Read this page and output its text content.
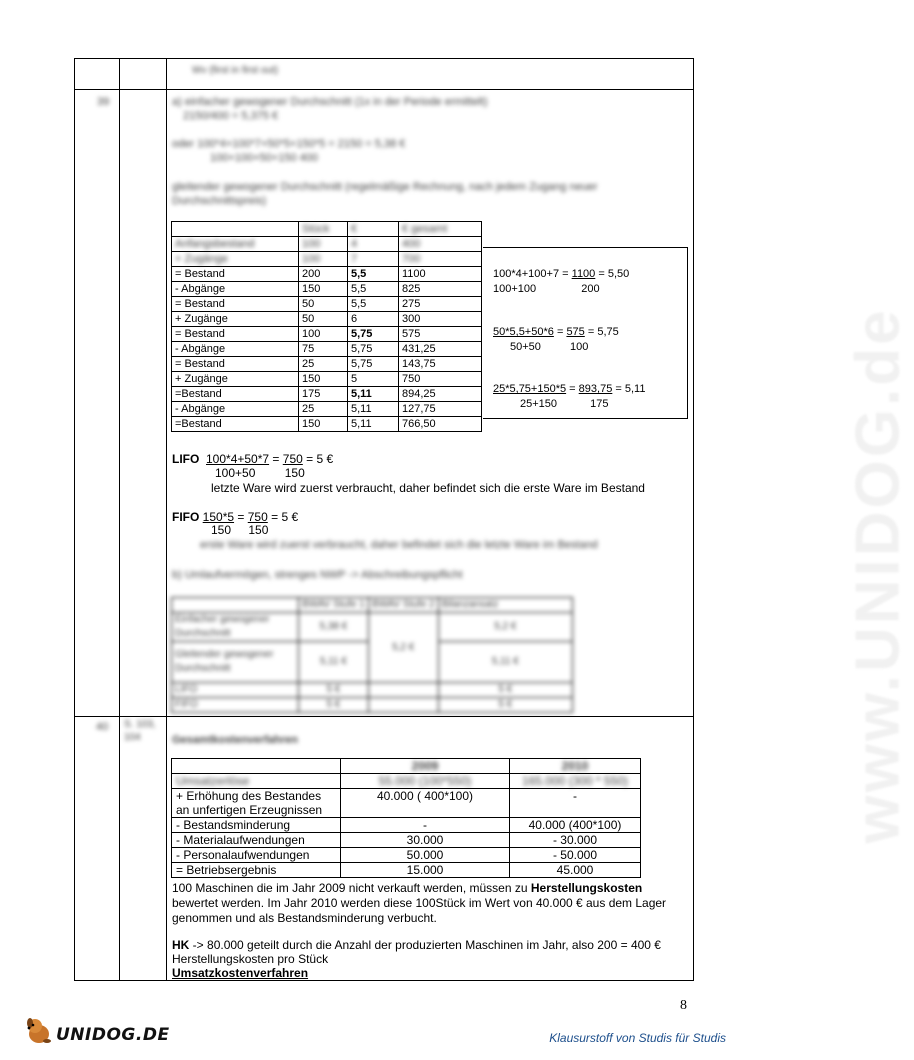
www.UNIDOG.de
Wv (first in first out)
39	a) einfacher gewogener Durchschnitt (1x in der Periode ermittelt)
2150/400 = 5,375 €
oder 100*4+100*7+50*5+150*5 = 2150 = 5,38 €
100+100+50+150 400
gleitender gewogener Durchschnitt (regelmäßige Rechnung, nach jedem Zugang neuer Durchschnittspreis)
	Stück	€	€ gesamt
Anfangsbestand	100	4	400
+ Zugänge	100	7	700
= Bestand	200	5,5	1100
- Abgänge	150	5,5	825
= Bestand	50	5,5	275
+ Zugänge	50	6	300
= Bestand	100	5,75	575
- Abgänge	75	5,75	431,25
= Bestand	25	5,75	143,75
+ Zugänge	150	5	750
=Bestand	175	5,11	894,25
- Abgänge	25	5,11	127,75
=Bestand	150	5,11	766,50
100*4+100+7 = 1100 = 5,50
100+100	200
50*5,5+50*6 = 575 = 5,75
50+50	100
25*5,75+150*5 = 893,75 = 5,11
25+150	175
LIFO 100*4+50*7 = 750 = 5 €
100+50 150
letzte Ware wird zuerst verbraucht, daher befindet sich die erste Ware im Bestand
FIFO 150*5 = 750 = 5 €
150 150
erste Ware wird zuerst verbraucht, daher befindet sich die letzte Ware im Bestand
b) Umlaufvermögen, strenges NWP -> Abschreibungspflicht
	BWAV Stufe 1	BWAV Stufe 2	Bilanzansatz
Einfacher gewogener Durchschnitt	5,38 €	5,2 €	5,2 €
Gleitender gewogener Durchschnitt	5,11 €		5,11 €
LIFO	5 €		5 €
FIFO	5 €		5 €
40 S. 103, 104	Gesamtkostenverfahren
	2009	2010
Umsatzerlöse	55.000 (100*550)	165.000 (300 * 550)
+ Erhöhung des Bestandes an unfertigen Erzeugnissen	40.000 ( 400*100)	-
- Bestandsminderung	-	40.000 (400*100)
- Materialaufwendungen	30.000	- 30.000
- Personalaufwendungen	50.000	- 50.000
= Betriebsergebnis	15.000	45.000
100 Maschinen die im Jahr 2009 nicht verkauft werden, müssen zu Herstellungskosten bewertet werden. Im Jahr 2010 werden diese 100Stück im Wert von 40.000 € aus dem Lager genommen und als Bestandsminderung verbucht.
HK -> 80.000 geteilt durch die Anzahl der produzierten Maschinen im Jahr, also 200 = 400 €
Herstellungskosten pro Stück
Umsatzkostenverfahren
8
UNIDOG.DE	Klausurstoff von Studis für Studis
